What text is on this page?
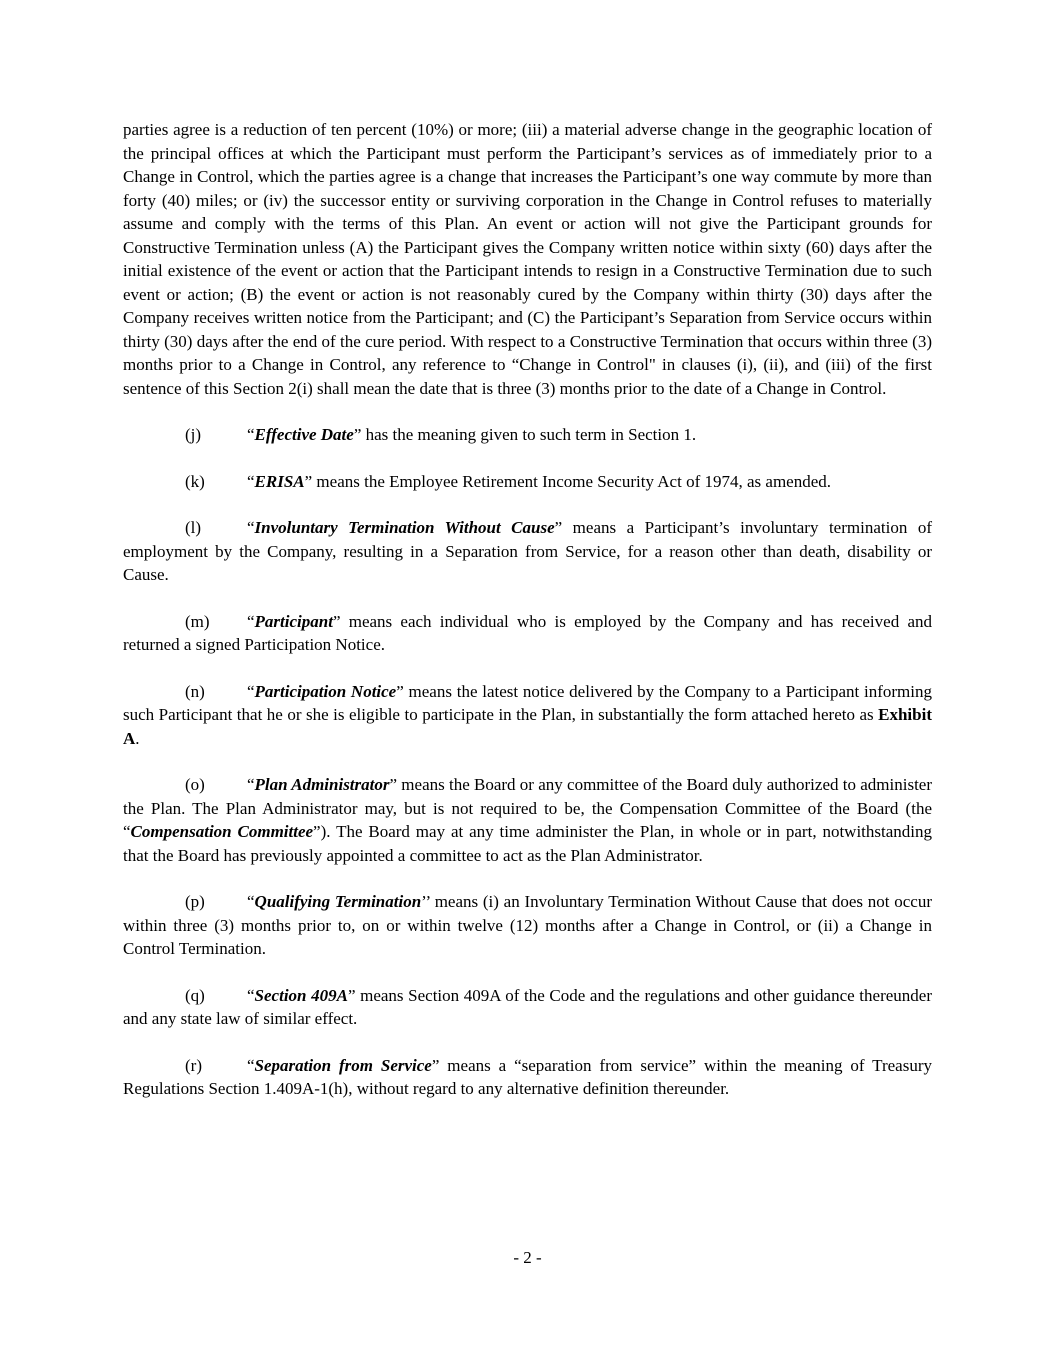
parties agree is a reduction of ten percent (10%) or more; (iii) a material adverse change in the geographic location of the principal offices at which the Participant must perform the Participant’s services as of immediately prior to a Change in Control, which the parties agree is a change that increases the Participant’s one way commute by more than forty (40) miles; or (iv) the successor entity or surviving corporation in the Change in Control refuses to materially assume and comply with the terms of this Plan. An event or action will not give the Participant grounds for Constructive Termination unless (A) the Participant gives the Company written notice within sixty (60) days after the initial existence of the event or action that the Participant intends to resign in a Constructive Termination due to such event or action; (B) the event or action is not reasonably cured by the Company within thirty (30) days after the Company receives written notice from the Participant; and (C) the Participant’s Separation from Service occurs within thirty (30) days after the end of the cure period. With respect to a Constructive Termination that occurs within three (3) months prior to a Change in Control, any reference to “Change in Control" in clauses (i), (ii), and (iii) of the first sentence of this Section 2(i) shall mean the date that is three (3) months prior to the date of a Change in Control.

(j)	“Effective Date” has the meaning given to such term in Section 1.

(k) “ERISA” means the Employee Retirement Income Security Act of 1974, as amended.

(l)	“Involuntary Termination Without Cause” means a Participant’s involuntary termination of employment by the Company, resulting in a Separation from Service, for a reason other than death, disability or Cause.

(m) “Participant” means each individual who is employed by the Company and has received and returned a signed Participation Notice.

(n) “Participation Notice” means the latest notice delivered by the Company to a Participant informing such Participant that he or she is eligible to participate in the Plan, in substantially the form attached hereto as Exhibit A.

(o) “Plan Administrator” means the Board or any committee of the Board duly authorized to administer the Plan. The Plan Administrator may, but is not required to be, the Compensation Committee of the Board (the “Compensation Committee”). The Board may at any time administer the Plan, in whole or in part, notwithstanding that the Board has previously appointed a committee to act as the Plan Administrator.

(p) “Qualifying Termination’’ means (i) an Involuntary Termination Without Cause that does not occur within three (3) months prior to, on or within twelve (12) months after a Change in Control, or (ii) a Change in Control Termination.

(q) “Section 409A” means Section 409A of the Code and the regulations and other guidance thereunder and any state law of similar effect.

(r)	“Separation from Service” means a “separation from service” within the meaning of Treasury Regulations Section 1.409A-1(h), without regard to any alternative definition thereunder.

- 2 -
